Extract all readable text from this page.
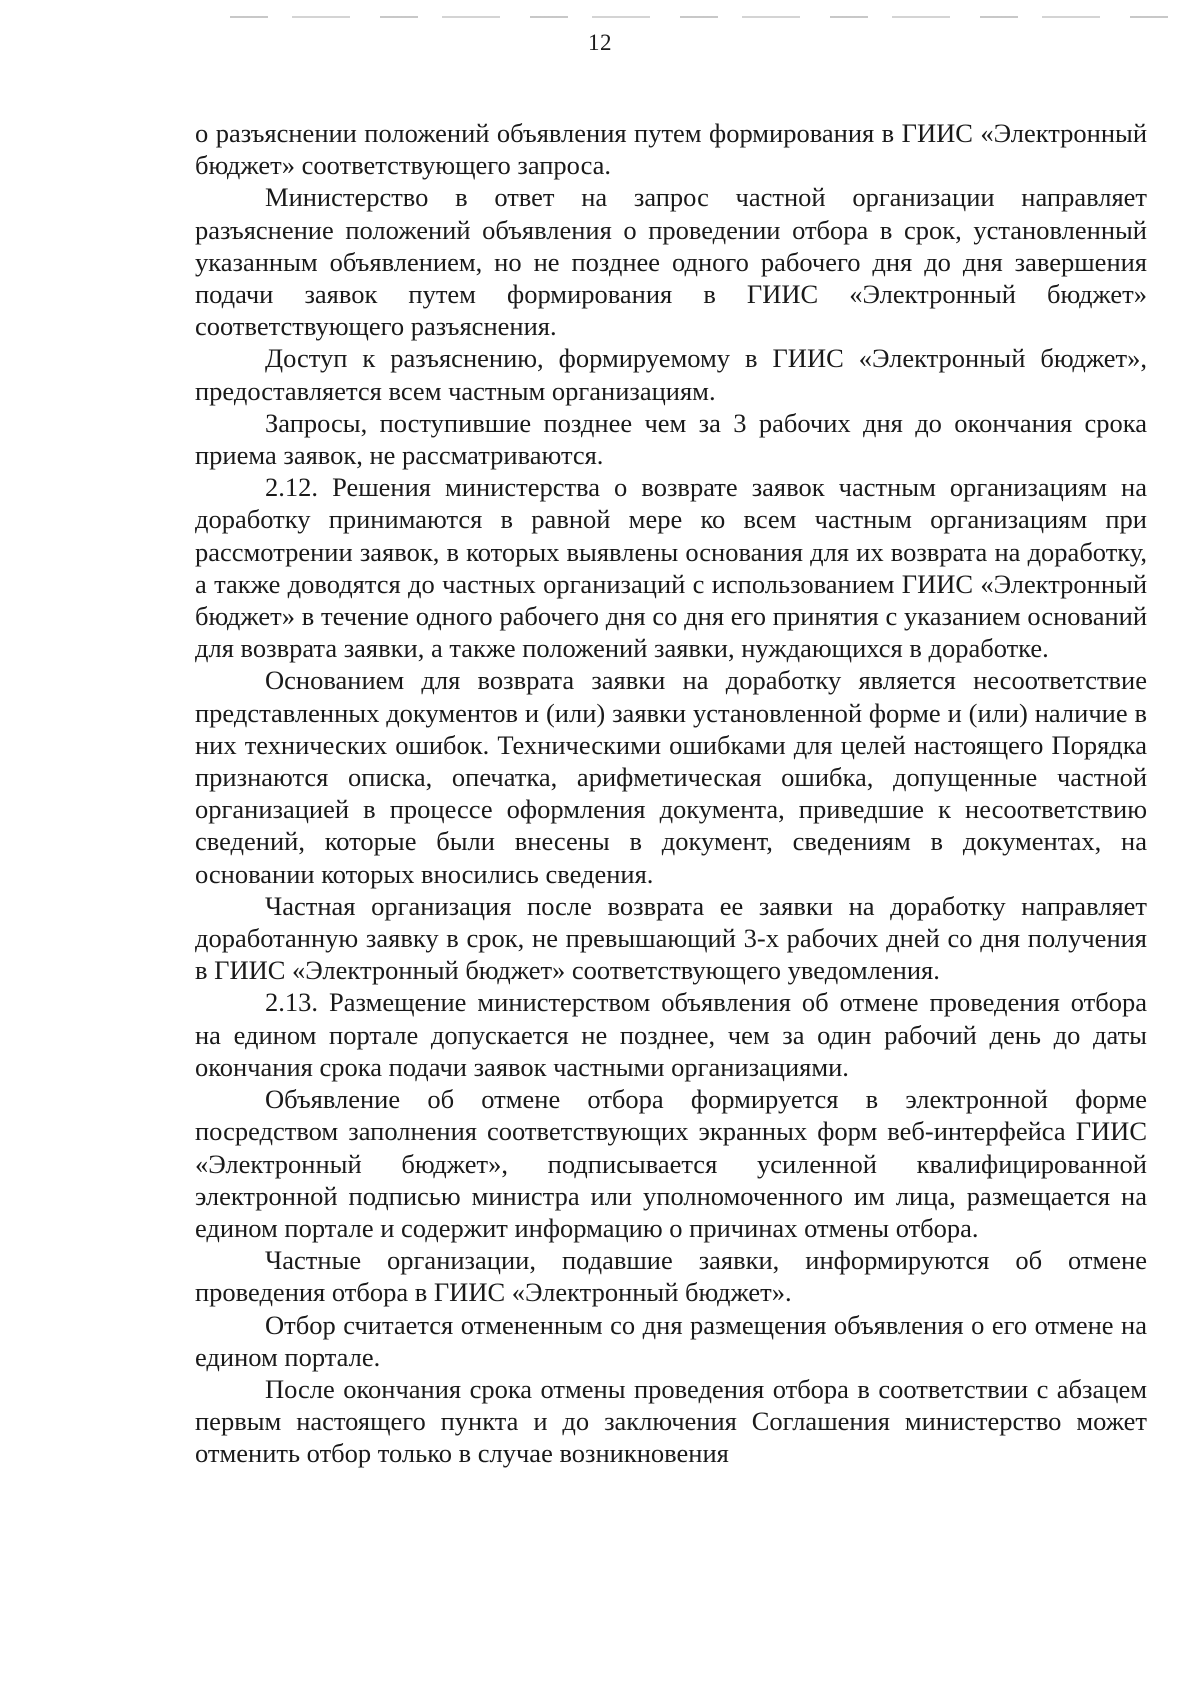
12

о разъяснении положений объявления путем формирования в ГИИС «Электронный бюджет» соответствующего запроса.

Министерство в ответ на запрос частной организации направляет разъяснение положений объявления о проведении отбора в срок, установленный указанным объявлением, но не позднее одного рабочего дня до дня завершения подачи заявок путем формирования в ГИИС «Электронный бюджет» соответствующего разъяснения.

Доступ к разъяснению, формируемому в ГИИС «Электронный бюджет», предоставляется всем частным организациям.

Запросы, поступившие позднее чем за 3 рабочих дня до окончания срока приема заявок, не рассматриваются.

2.12. Решения министерства о возврате заявок частным организациям на доработку принимаются в равной мере ко всем частным организациям при рассмотрении заявок, в которых выявлены основания для их возврата на доработку, а также доводятся до частных организаций с использованием ГИИС «Электронный бюджет» в течение одного рабочего дня со дня его принятия с указанием оснований для возврата заявки, а также положений заявки, нуждающихся в доработке.

Основанием для возврата заявки на доработку является несоответствие представленных документов и (или) заявки установленной форме и (или) наличие в них технических ошибок. Техническими ошибками для целей настоящего Порядка признаются описка, опечатка, арифметическая ошибка, допущенные частной организацией в процессе оформления документа, приведшие к несоответствию сведений, которые были внесены в документ, сведениям в документах, на основании которых вносились сведения.

Частная организация после возврата ее заявки на доработку направляет доработанную заявку в срок, не превышающий 3-х рабочих дней со дня получения в ГИИС «Электронный бюджет» соответствующего уведомления.

2.13. Размещение министерством объявления об отмене проведения отбора на едином портале допускается не позднее, чем за один рабочий день до даты окончания срока подачи заявок частными организациями.

Объявление об отмене отбора формируется в электронной форме посредством заполнения соответствующих экранных форм веб-интерфейса ГИИС «Электронный бюджет», подписывается усиленной квалифицированной электронной подписью министра или уполномоченного им лица, размещается на едином портале и содержит информацию о причинах отмены отбора.

Частные организации, подавшие заявки, информируются об отмене проведения отбора в ГИИС «Электронный бюджет».

Отбор считается отмененным со дня размещения объявления о его отмене на едином портале.

После окончания срока отмены проведения отбора в соответствии с абзацем первым настоящего пункта и до заключения Соглашения министерство может отменить отбор только в случае возникновения
